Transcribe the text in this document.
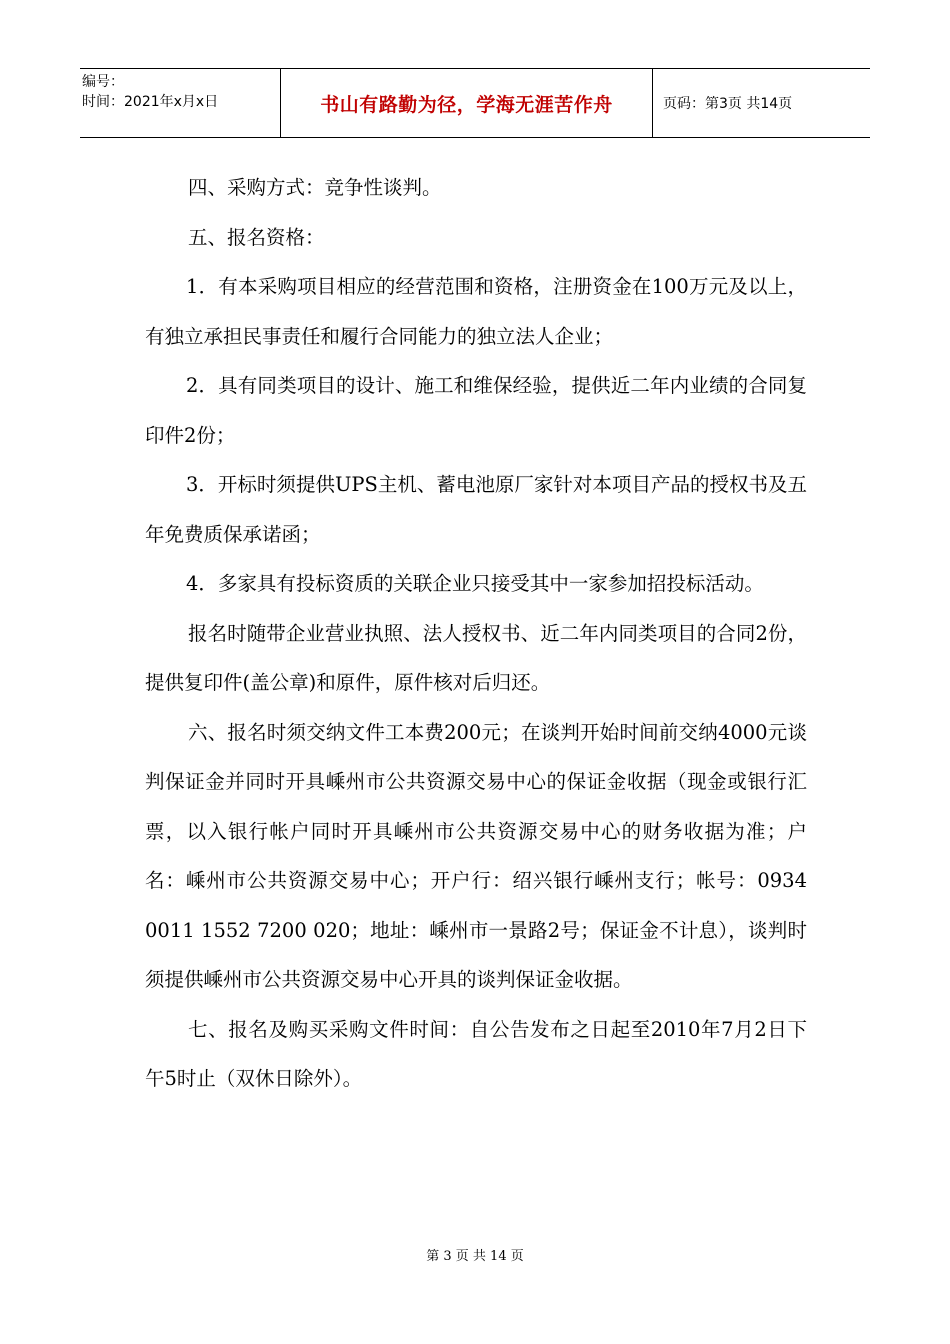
编号：
时间：2021年x月x日	书山有路勤为径，学海无涯苦作舟	页码：第3页 共14页

四、采购方式：竞争性谈判。

五、报名资格：

1．有本采购项目相应的经营范围和资格，注册资金在100万元及以上，有独立承担民事责任和履行合同能力的独立法人企业；

2．具有同类项目的设计、施工和维保经验，提供近二年内业绩的合同复印件2份；

3．开标时须提供UPS主机、蓄电池原厂家针对本项目产品的授权书及五年免费质保承诺函；

4．多家具有投标资质的关联企业只接受其中一家参加招投标活动。

报名时随带企业营业执照、法人授权书、近二年内同类项目的合同2份，提供复印件(盖公章)和原件，原件核对后归还。

六、报名时须交纳文件工本费200元；在谈判开始时间前交纳4000元谈判保证金并同时开具嵊州市公共资源交易中心的保证金收据（现金或银行汇票，以入银行帐户同时开具嵊州市公共资源交易中心的财务收据为准；户名：嵊州市公共资源交易中心；开户行：绍兴银行嵊州支行；帐号：0934 0011 1552 7200 020；地址：嵊州市一景路2号；保证金不计息），谈判时须提供嵊州市公共资源交易中心开具的谈判保证金收据。

七、报名及购买采购文件时间：自公告发布之日起至2010年7月2日下午5时止（双休日除外）。

第 3 页 共 14 页
